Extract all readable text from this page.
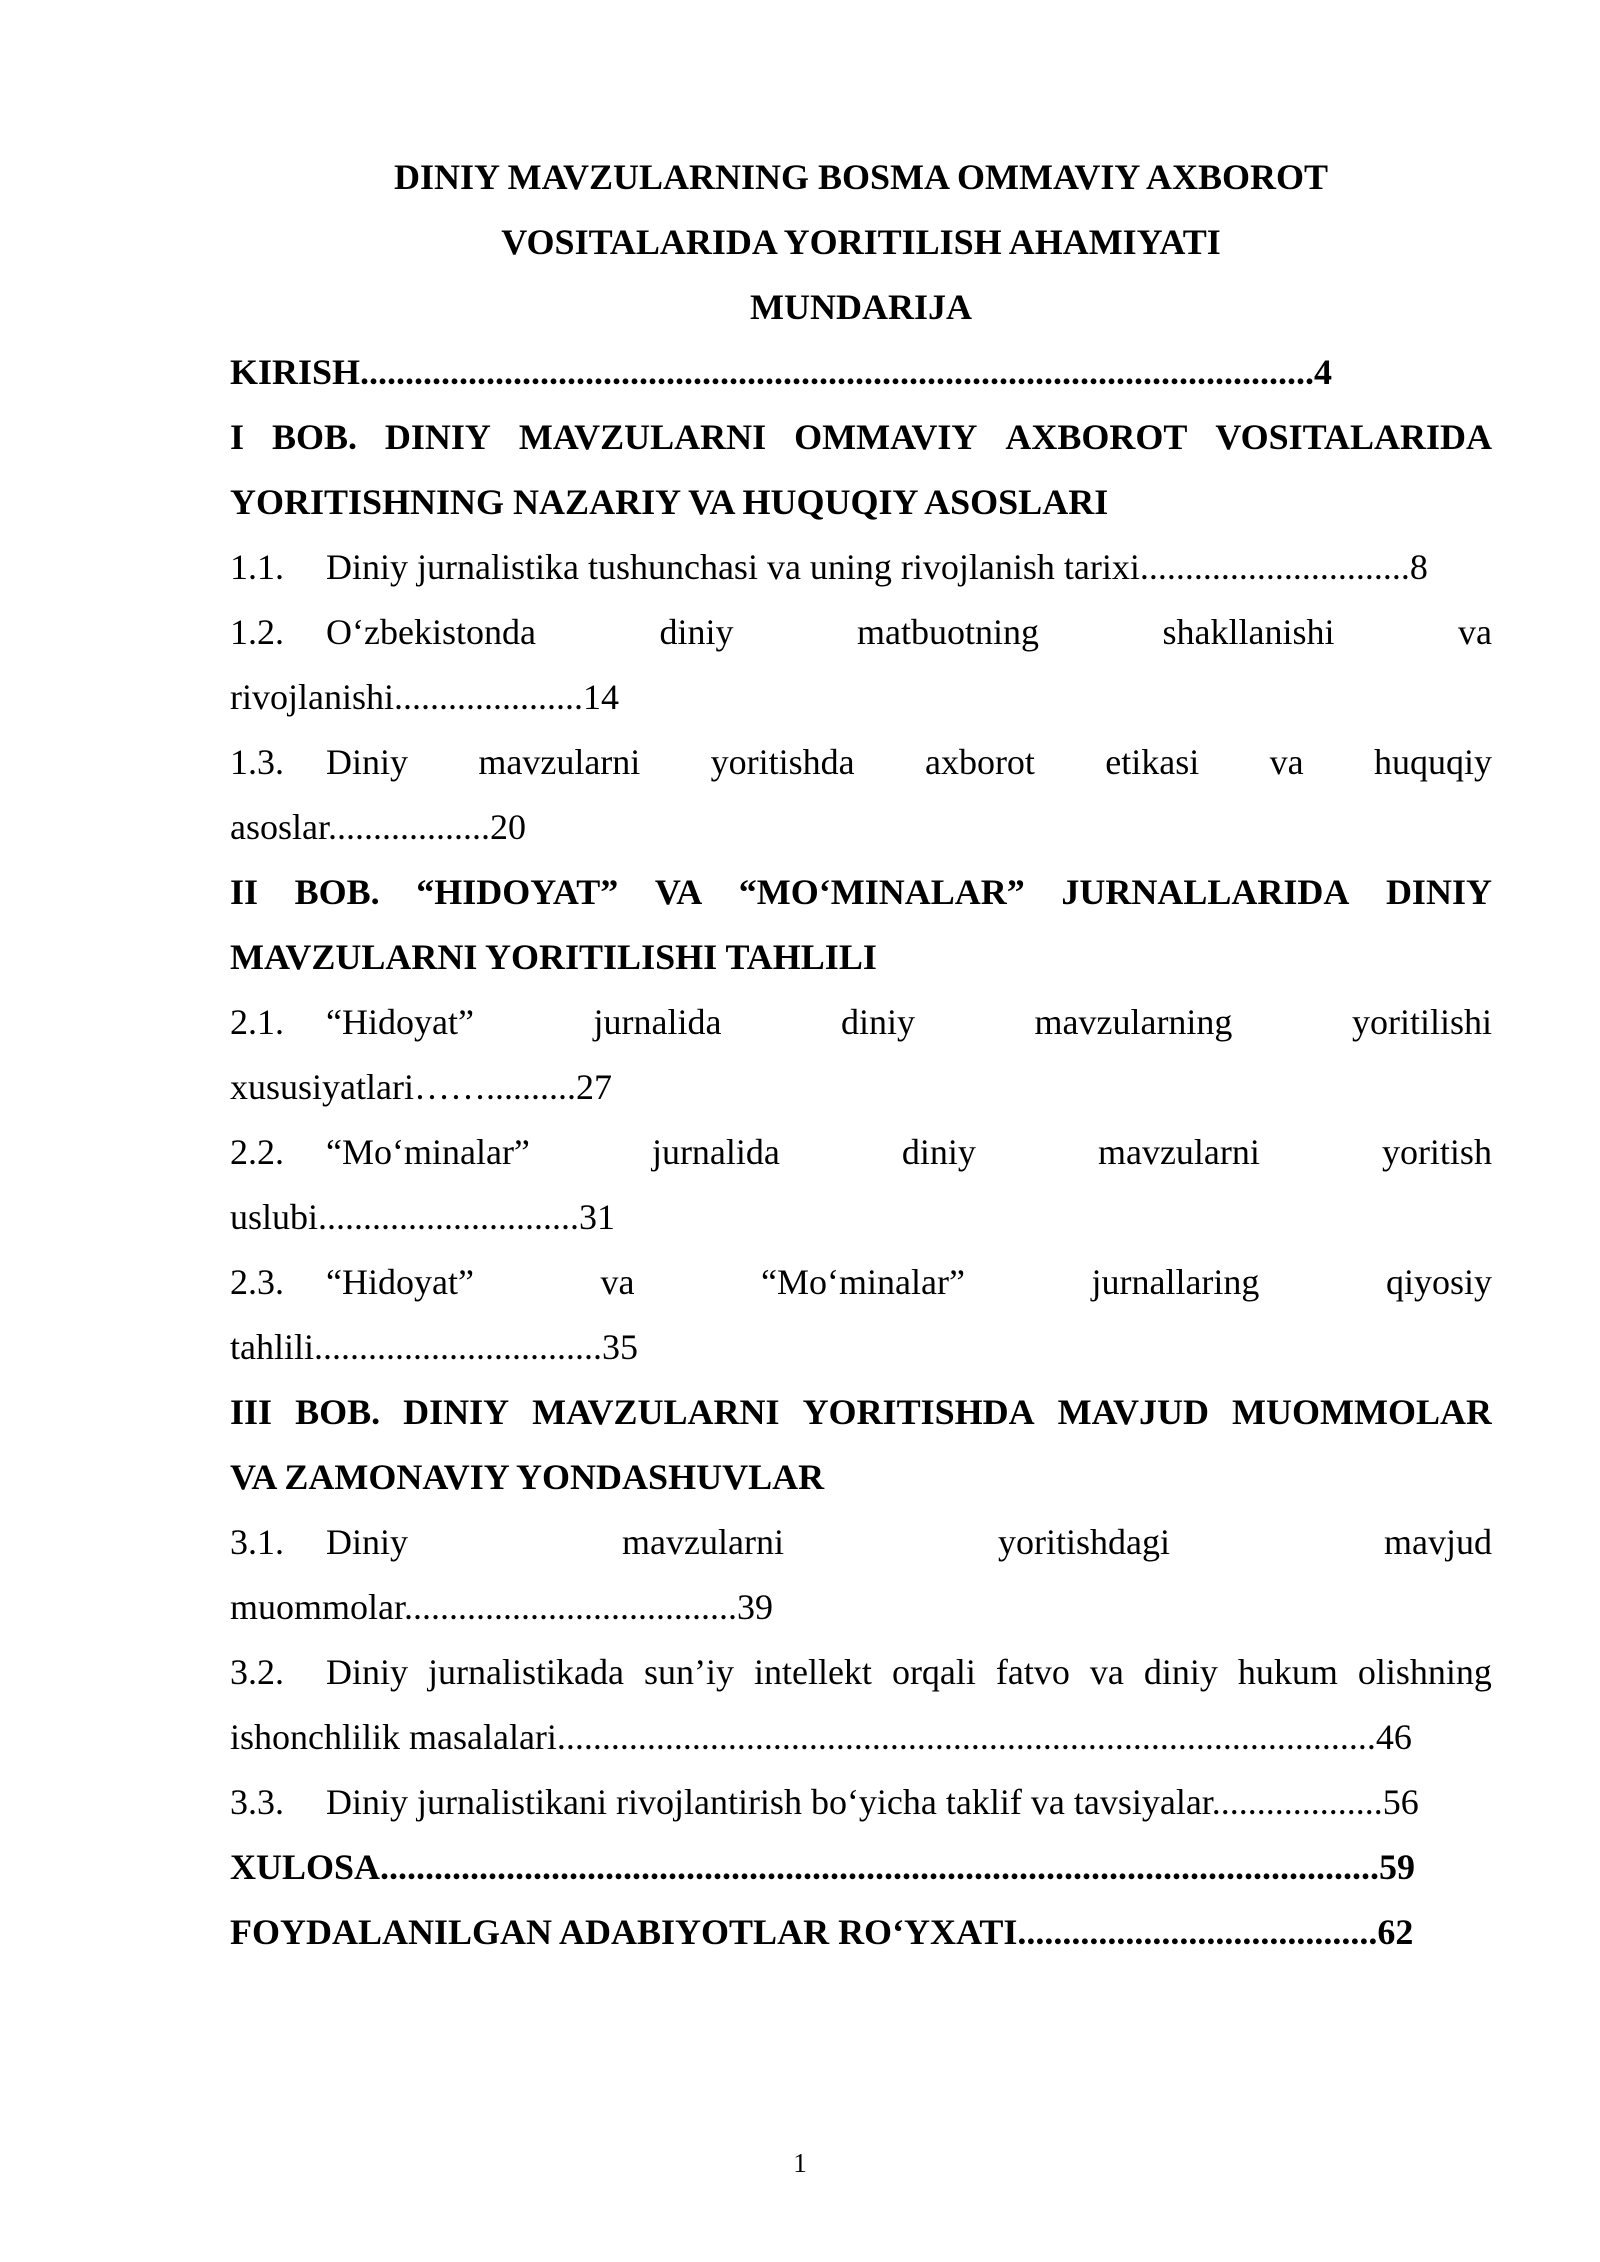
DINIY MAVZULARNING BOSMA OMMAVIY AXBOROT
VOSITALARIDA YORITILISH AHAMIYATI
MUNDARIJA
KIRISH..........................................................................................................4
I BOB. DINIY MAVZULARNI OMMAVIY AXBOROT VOSITALARIDA
YORITISHNING NAZARIY VA HUQUQIY ASOSLARI
1.1.	Diniy jurnalistika tushunchasi va uning rivojlanish tarixi..............................8
1.2.	O‘zbekistonda	diniy	matbuotning	shakllanishi	va
rivojlanishi.....................14
1.3.	Diniy mavzularni yoritishda axborot etikasi va huquqiy
asoslar..................20
II BOB. “HIDOYAT” VA “MO‘MINALAR” JURNALLARIDA DINIY
MAVZULARNI YORITILISHI TAHLILI
2.1.	“Hidoyat”	jurnalida	diniy	mavzularning	yoritilishi
xususiyatlari……..........27
2.2.	“Mo‘minalar”	jurnalida	diniy	mavzularni	yoritish
uslubi.............................31
2.3.	“Hidoyat”	va	“Mo‘minalar”	jurnallaring	qiyosiy
tahlili................................35
III BOB. DINIY MAVZULARNI YORITISHDA MAVJUD MUOMMOLAR
VA ZAMONAVIY YONDASHUVLAR
3.1.	Diniy	mavzularni	yoritishdagi	mavjud
muommolar.....................................39
3.2.	Diniy jurnalistikada sun’iy intellekt orqali fatvo va diniy hukum olishning
ishonchlilik masalalari...........................................................................................46
3.3.	Diniy jurnalistikani rivojlantirish bo‘yicha taklif va tavsiyalar...................56
XULOSA...............................................................................................................59
FOYDALANILGAN ADABIYOTLAR RO‘YXATI........................................62
1
